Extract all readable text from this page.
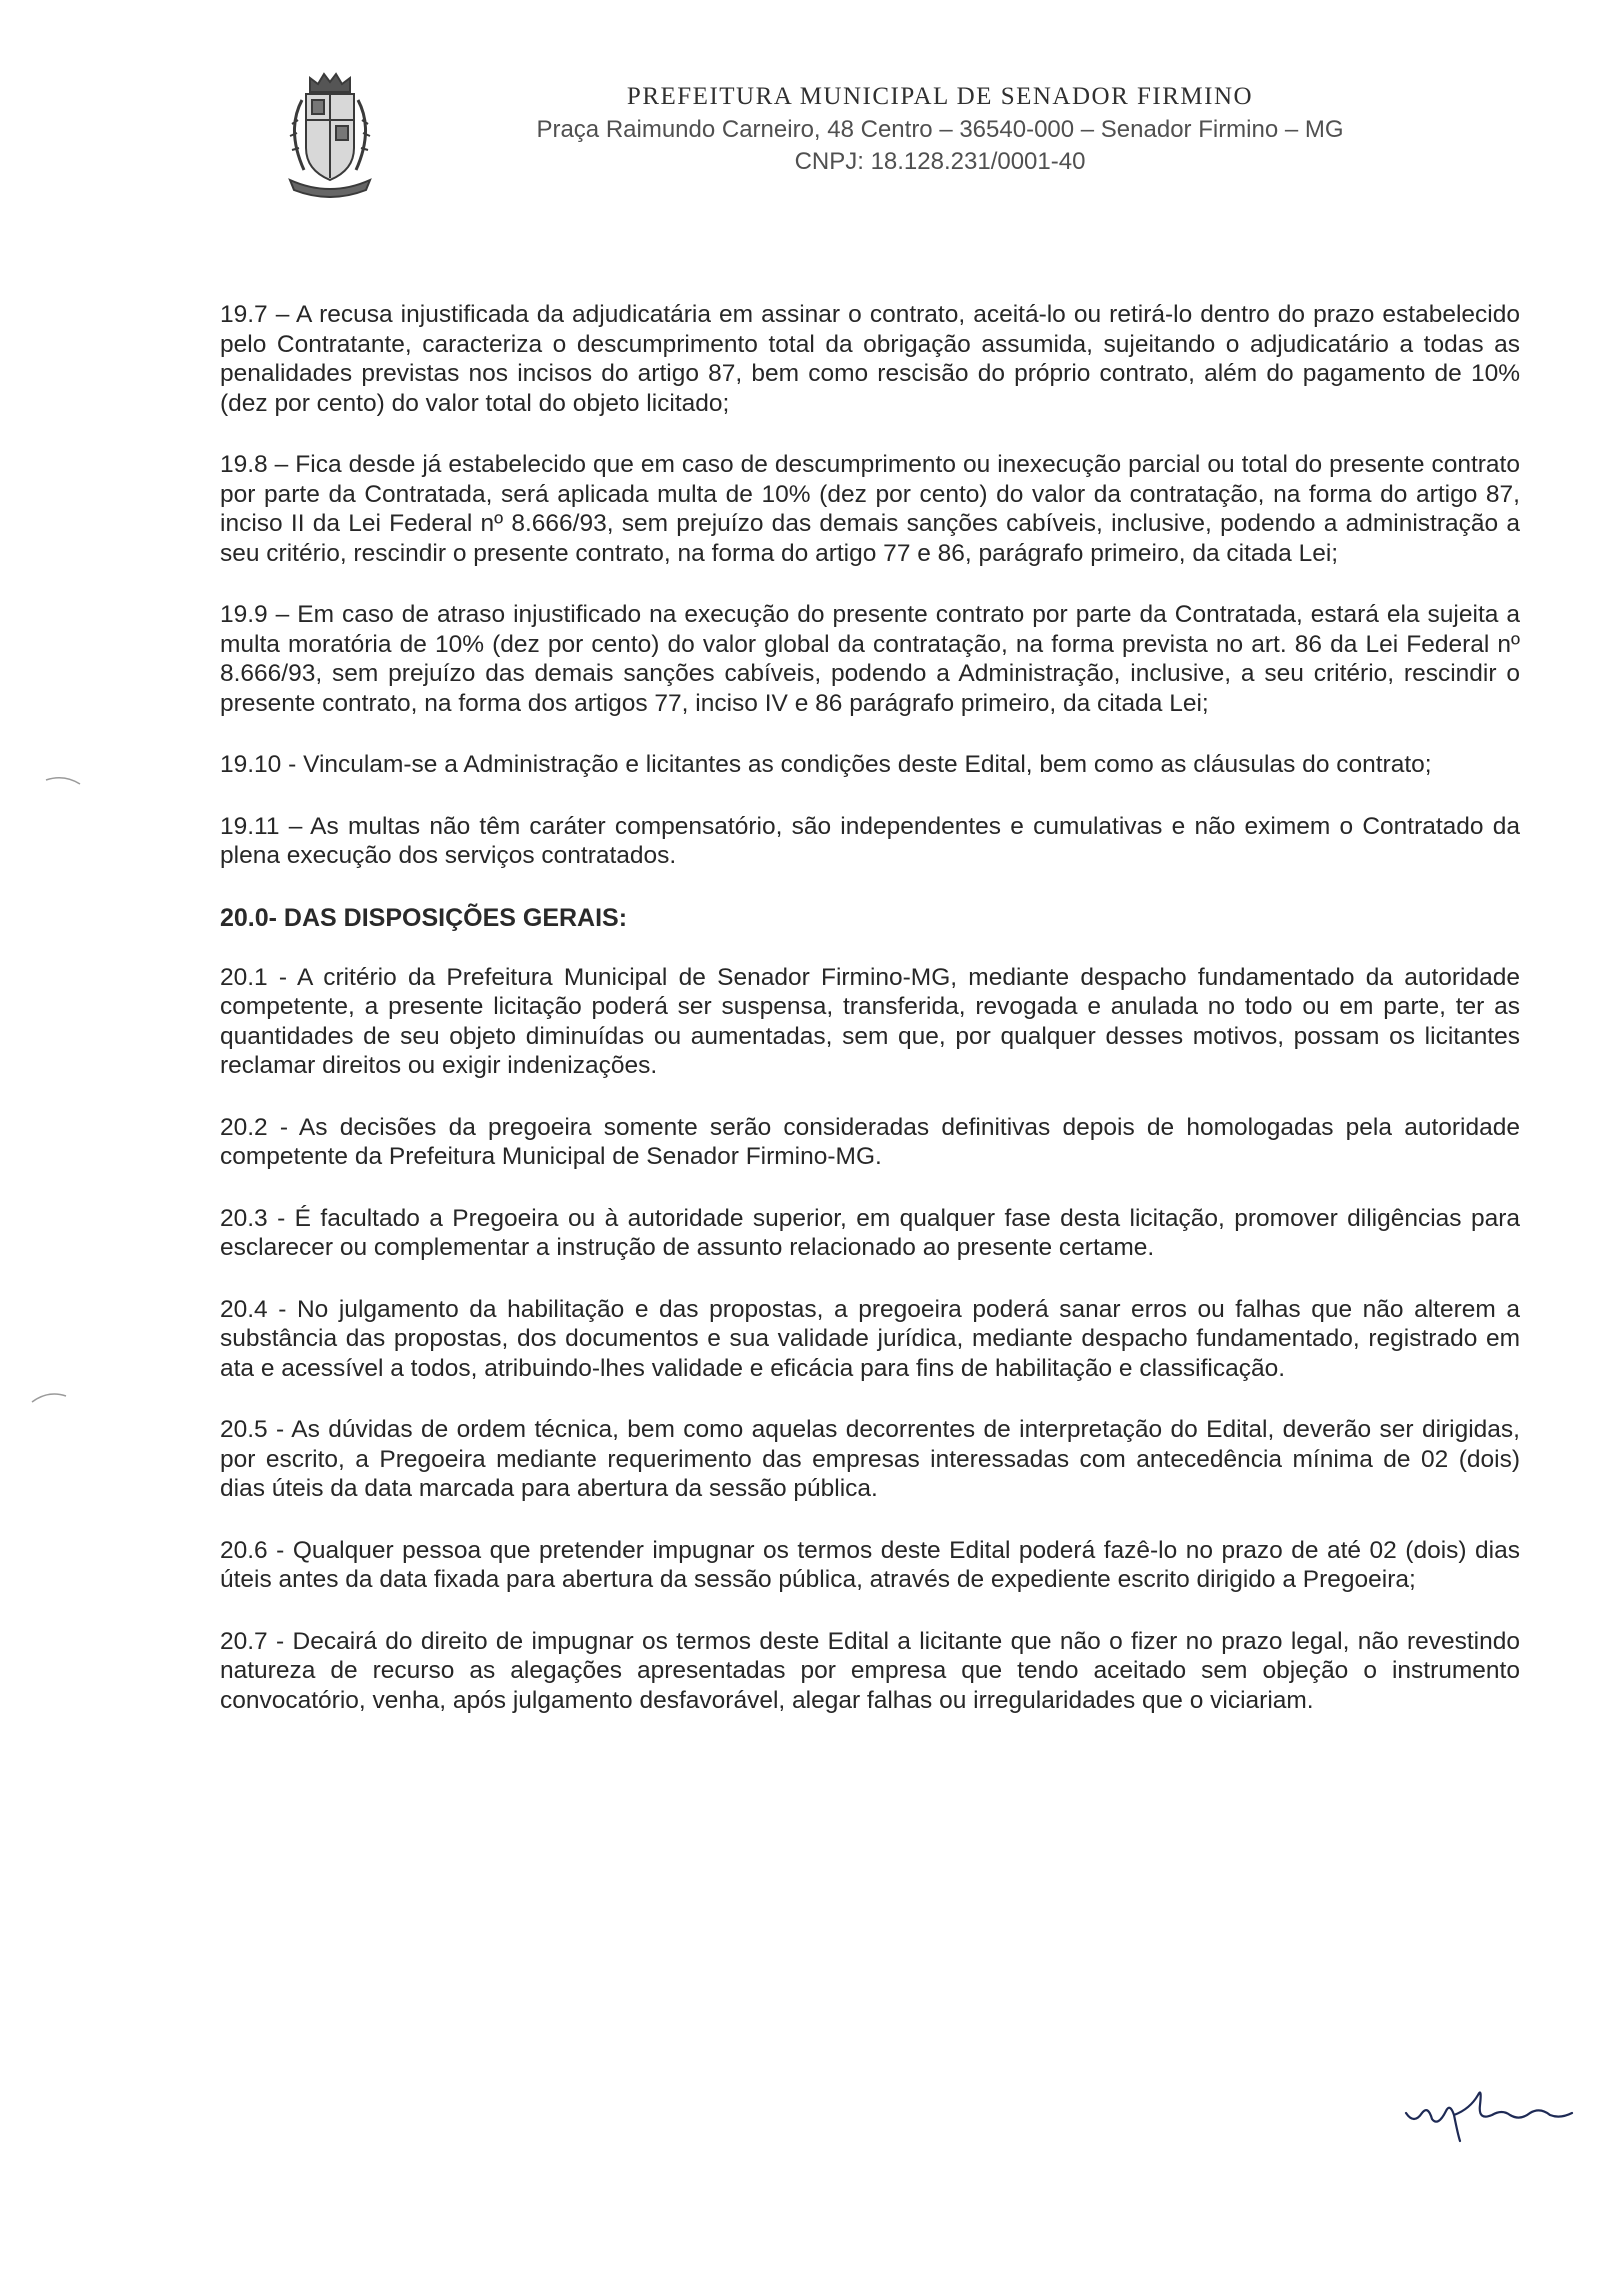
PREFEITURA MUNICIPAL DE SENADOR FIRMINO
Praça Raimundo Carneiro, 48 Centro – 36540-000 – Senador Firmino – MG
CNPJ: 18.128.231/0001-40

19.7 – A recusa injustificada da adjudicatária em assinar o contrato, aceitá-lo ou retirá-lo dentro do prazo estabelecido pelo Contratante, caracteriza o descumprimento total da obrigação assumida, sujeitando o adjudicatário a todas as penalidades previstas nos incisos do artigo 87, bem como rescisão do próprio contrato, além do pagamento de 10% (dez por cento) do valor total do objeto licitado;

19.8 – Fica desde já estabelecido que em caso de descumprimento ou inexecução parcial ou total do presente contrato por parte da Contratada, será aplicada multa de 10% (dez por cento) do valor da contratação, na forma do artigo 87, inciso II da Lei Federal nº 8.666/93, sem prejuízo das demais sanções cabíveis, inclusive, podendo a administração a seu critério, rescindir o presente contrato, na forma do artigo 77 e 86, parágrafo primeiro, da citada Lei;

19.9 – Em caso de atraso injustificado na execução do presente contrato por parte da Contratada, estará ela sujeita a multa moratória de 10% (dez por cento) do valor global da contratação, na forma prevista no art. 86 da Lei Federal nº 8.666/93, sem prejuízo das demais sanções cabíveis, podendo a Administração, inclusive, a seu critério, rescindir o presente contrato, na forma dos artigos 77, inciso IV e 86 parágrafo primeiro, da citada Lei;

19.10 - Vinculam-se a Administração e licitantes as condições deste Edital, bem como as cláusulas do contrato;

19.11 – As multas não têm caráter compensatório, são independentes e cumulativas e não eximem o Contratado da plena execução dos serviços contratados.

20.0- DAS DISPOSIÇÕES GERAIS:

20.1 - A critério da Prefeitura Municipal de Senador Firmino-MG, mediante despacho fundamentado da autoridade competente, a presente licitação poderá ser suspensa, transferida, revogada e anulada no todo ou em parte, ter as quantidades de seu objeto diminuídas ou aumentadas, sem que, por qualquer desses motivos, possam os licitantes reclamar direitos ou exigir indenizações.

20.2 - As decisões da pregoeira somente serão consideradas definitivas depois de homologadas pela autoridade competente da Prefeitura Municipal de Senador Firmino-MG.

20.3 - É facultado a Pregoeira ou à autoridade superior, em qualquer fase desta licitação, promover diligências para esclarecer ou complementar a instrução de assunto relacionado ao presente certame.

20.4 - No julgamento da habilitação e das propostas, a pregoeira poderá sanar erros ou falhas que não alterem a substância das propostas, dos documentos e sua validade jurídica, mediante despacho fundamentado, registrado em ata e acessível a todos, atribuindo-lhes validade e eficácia para fins de habilitação e classificação.

20.5 - As dúvidas de ordem técnica, bem como aquelas decorrentes de interpretação do Edital, deverão ser dirigidas, por escrito, a Pregoeira mediante requerimento das empresas interessadas com antecedência mínima de 02 (dois) dias úteis da data marcada para abertura da sessão pública.

20.6 - Qualquer pessoa que pretender impugnar os termos deste Edital poderá fazê-lo no prazo de até 02 (dois) dias úteis antes da data fixada para abertura da sessão pública, através de expediente escrito dirigido a Pregoeira;

20.7 - Decairá do direito de impugnar os termos deste Edital a licitante que não o fizer no prazo legal, não revestindo natureza de recurso as alegações apresentadas por empresa que tendo aceitado sem objeção o instrumento convocatório, venha, após julgamento desfavorável, alegar falhas ou irregularidades que o viciariam.
